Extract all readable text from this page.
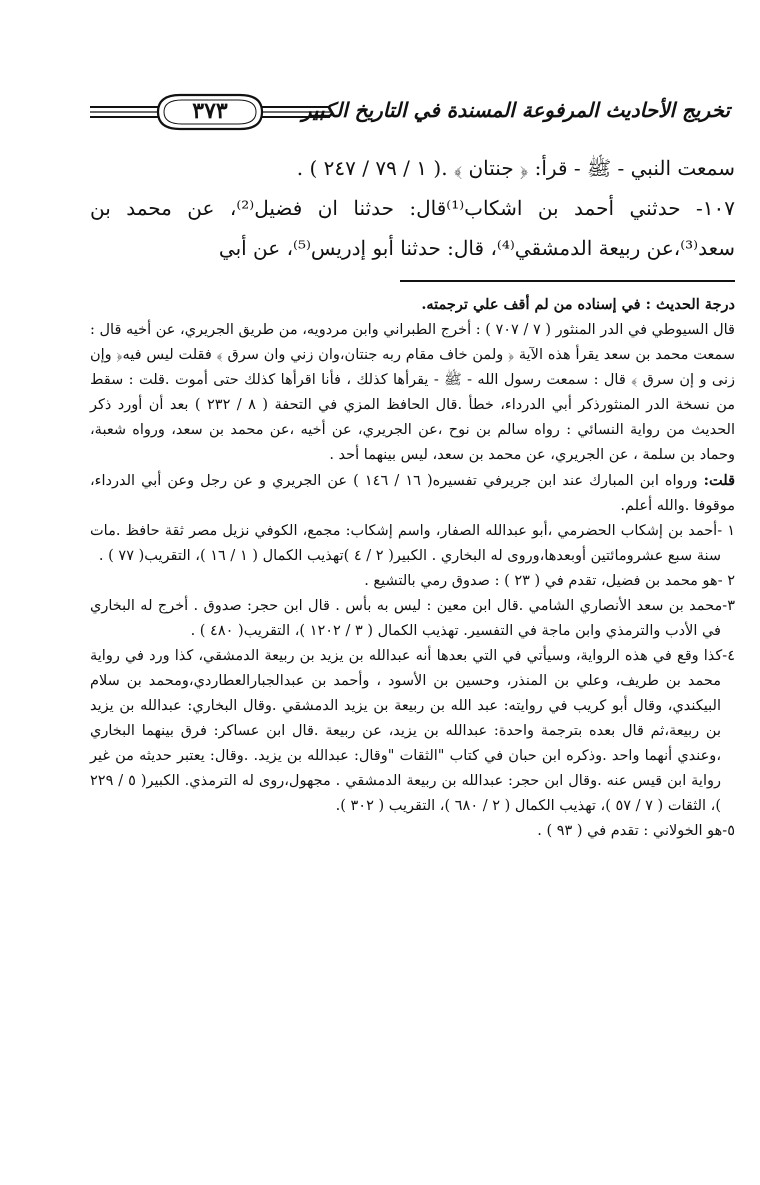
تخريج الأحاديث المرفوعة المسندة في التاريخ الكبير
٣٧٣

سمعت النبي - ﷺ - قرأ: ﴿ جنتان ﴾ .( ١ / ٧٩ / ٢٤٧ ) .

١٠٧- حدثني أحمد بن اشكاب⁽¹⁾قال: حدثنا ان فضيل⁽²⁾، عن محمد بن سعد⁽³⁾،عن ربيعة الدمشقي⁽⁴⁾، قال: حدثنا أبو إدريس⁽⁵⁾، عن أبي

درجة الحديث : في إسناده من لم أقف علي ترجمته.

قال السيوطي في الدر المنثور ( ٧ / ٧٠٧ ) : أخرج الطبراني وابن مردويه، من طريق الجريري، عن أخيه قال : سمعت محمد بن سعد يقرأ هذه الآية ﴿ ولمن خاف مقام ربه جنتان،وان زني وان سرق ﴾ فقلت ليس فيه﴿ وإن زنى و إن سرق ﴾ قال : سمعت رسول الله - ﷺ - يقرأها كذلك ، فأنا اقرأها كذلك حتى أموت .قلت : سقط من نسخة الدر المنثورذكر أبي الدرداء، خطأ .قال الحافظ المزي في التحفة ( ٨ / ٢٣٢ ) بعد أن أورد ذكر الحديث من رواية النسائي : رواه سالم بن نوح ،عن الجريري، عن أخيه ،عن محمد بن سعد، ورواه شعبة، وحماد بن سلمة ، عن الجريري، عن محمد بن سعد، ليس بينهما أحد .

قلت: ورواه ابن المبارك عند ابن جريرفي تفسيره( ١٦ / ١٤٦ ) عن الجريري و عن رجل وعن أبي الدرداء، موقوفا .والله أعلم.

١ -أحمد بن إشكاب الحضرمي ،أبو عبدالله الصفار، واسم إشكاب: مجمع، الكوفي نزيل مصر ثقة حافظ .مات سنة سبع عشرومائتين أوبعدها،وروى له البخاري . الكبير( ٢ / ٤ )تهذيب الكمال ( ١ / ١٦ )، التقريب( ٧٧ ) .

٢ -هو محمد بن فضيل، تقدم في ( ٢٣ ) : صدوق رمي بالتشيع .

٣-محمد بن سعد الأنصاري الشامي .قال ابن معين : ليس به بأس . قال ابن حجر: صدوق . أخرج له البخاري في الأدب والترمذي وابن ماجة في التفسير. تهذيب الكمال ( ٣ / ١٢٠٢ )، التقريب( ٤٨٠ ) .

٤-كذا وقع في هذه الرواية، وسيأتي في التي بعدها أنه عبدالله بن يزيد بن ربيعة الدمشقي، كذا ورد في رواية محمد بن طريف، وعلي بن المنذر، وحسين بن الأسود ، وأحمد بن عبدالجبارالعطاردي،ومحمد بن سلام البيكندي، وقال أبو كريب في روايته: عبد الله بن ربيعة بن يزيد الدمشقي .وقال البخاري: عبدالله بن يزيد بن ربيعة،ثم قال بعده بترجمة واحدة: عبدالله بن يزيد، عن ربيعة .قال ابن عساكر: فرق بينهما البخاري ،وعندي أنهما واحد .وذكره ابن حبان في كتاب "الثقات "وقال: عبدالله بن يزيد. .وقال: يعتبر حديثه من غير رواية ابن قيس عنه .وقال ابن حجر: عبدالله بن ربيعة الدمشقي . مجهول،روى له الترمذي. الكبير( ٥ / ٢٢٩ )، الثقات ( ٧ / ٥٧ )، تهذيب الكمال ( ٢ / ٦٨٠ )، التقريب ( ٣٠٢ ).

٥-هو الخولاني : تقدم في ( ٩٣ ) .
